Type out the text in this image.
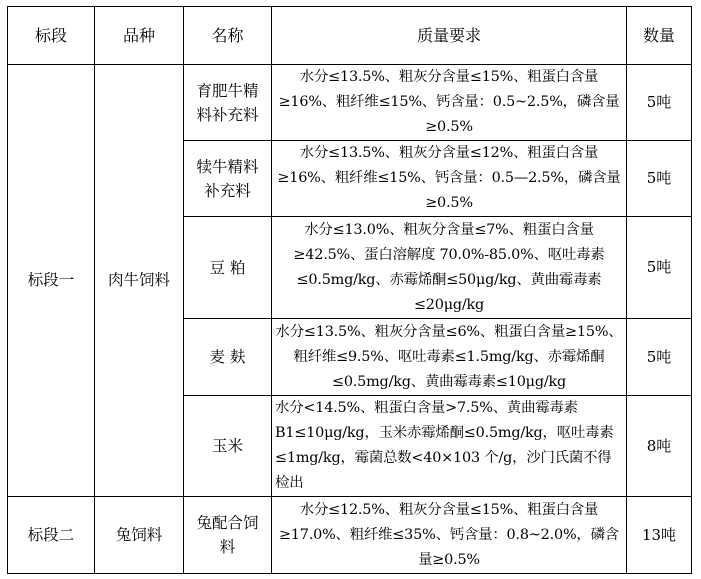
标段	品种	名称	质量要求	数量
标段一	肉牛饲料	育肥牛精料补充料	水分≤13.5%、粗灰分含量≤15%、粗蛋白含量≥16%、粗纤维≤15%、钙含量：0.5~2.5%，磷含量≥0.5%	5吨
		犊牛精料补充料	水分≤13.5%、粗灰分含量≤12%、粗蛋白含量≥16%、粗纤维≤15%、钙含量：0.5—2.5%，磷含量≥0.5%	5吨
		豆 粕	水分≤13.0%、粗灰分含量≤7%、粗蛋白含量≥42.5%、蛋白溶解度 70.0%-85.0%、呕吐毒素≤0.5mg/kg、赤霉烯酮≤50μg/kg、黄曲霉毒素≤20μg/kg	5吨
		麦 麸	水分≤13.5%、粗灰分含量≤6%、粗蛋白含量≥15%、粗纤维≤9.5%、呕吐毒素≤1.5mg/kg、赤霉烯酮≤0.5mg/kg、黄曲霉毒素≤10μg/kg	5吨
		玉米	水分<14.5%、粗蛋白含量>7.5%、黄曲霉毒素 B1≤10μg/kg，玉米赤霉烯酮≤0.5mg/kg，呕吐毒素≤1mg/kg，霉菌总数<40×103 个/g，沙门氏菌不得检出	8吨
标段二	兔饲料	兔配合饲料	水分≤12.5%、粗灰分含量≤15%、粗蛋白含量≥17.0%、粗纤维≤35%、钙含量：0.8~2.0%，磷含量≥0.5%	13吨
